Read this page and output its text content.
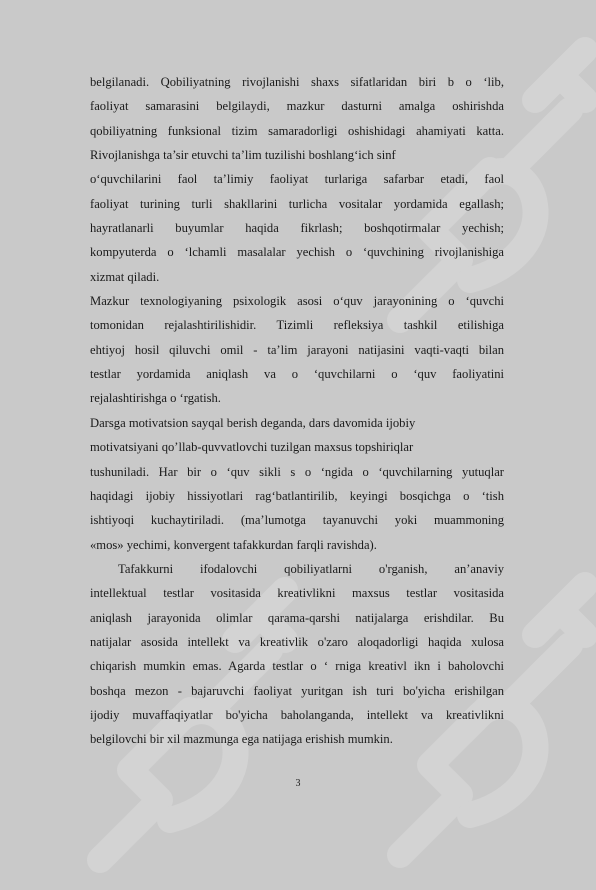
belgilanadi. Qobiliyatning rivojlanishi shaxs sifatlaridan biri b o ‘lib,
faoliyat samarasini belgilaydi, mazkur dasturni amalga oshirishda
qobiliyatning funksional tizim samaradorligi oshishidagi ahamiyati katta.
Rivojlanishga ta’sir etuvchi ta’lim tuzilishi boshlang‘ich sinf
o‘quvchilarini faol ta’limiy faoliyat turlariga safarbar etadi, faol
faoliyat turining turli shakllarini turlicha vositalar yordamida egallash;
hayratlanarli buyumlar haqida fikrlash; boshqotirmalar yechish;
kompyuterda o ‘lchamli masalalar yechish o ‘quvchining rivojlanishiga
xizmat qiladi.
Mazkur texnologiyaning psixologik asosi o‘quv jarayonining o ‘quvchi
tomonidan rejalashtirilishidir. Tizimli refleksiya tashkil etilishiga
ehtiyoj hosil qiluvchi omil - ta’lim jarayoni natijasini vaqti-vaqti bilan
testlar yordamida aniqlash va o ‘quvchilarni o ‘quv faoliyatini
rejalashtirishga o ‘rgatish.
Darsga motivatsion sayqal berish deganda, dars davomida ijobiy
motivatsiyani qo’llab-quvvatlovchi tuzilgan maxsus topshiriqlar
tushuniladi. Har bir o ‘quv sikli s o ‘ngida o ‘quvchilarning yutuqlar
haqidagi ijobiy hissiyotlari rag‘batlantirilib, keyingi bosqichga o ‘tish
ishtiyoqi kuchaytiriladi. (ma’lumotga tayanuvchi yoki muammoning
«mos» yechimi, konvergent tafakkurdan farqli ravishda).
Tafakkurni ifodalovchi qobiliyatlarni o'rganish, an’anaviy
intellektual testlar vositasida kreativlikni maxsus testlar vositasida
aniqlash jarayonida olimlar qarama-qarshi natijalarga erishdilar. Bu
natijalar asosida intellekt va kreativlik o'zaro aloqadorligi haqida xulosa
chiqarish mumkin emas. Agarda testlar o ‘ rniga kreativl ikn i baholovchi
boshqa mezon - bajaruvchi faoliyat yuritgan ish turi bo'yicha erishilgan
ijodiy muvaffaqiyatlar bo'yicha baholanganda, intellekt va kreativlikni
belgilovchi bir xil mazmunga ega natijaga erishish mumkin.
3
